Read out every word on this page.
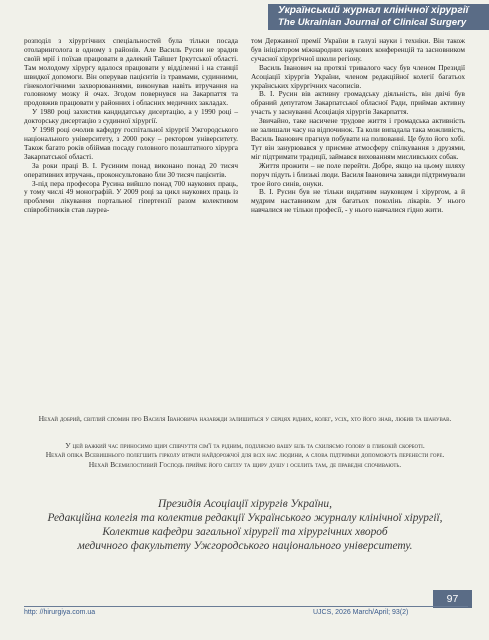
Український журнал клінічної хірургії
The Ukrainian Journal of Clinical Surgery

розподіл з хірургічних спеціальностей була тільки посада отоларинголога в одному з районів. Але Василь Русин не зрадив своїй мрії і поїхав працювати в далекий Тайшет Іркутської області. Там молодому хірургу вдалося працювати у відділенні і на станції швидкої допомоги. Він оперував пацієнтів із травмами, судинними, гінекологічними захворюваннями, виконував навіть втручання на головному мозку й очах. Згодом повернувся на Закарпаття та продовжив працювати у районних і обласних медичних закладах.

У 1980 році захистив кандидатську дисертацію, а у 1990 році – докторську дисертацію з судинної хірургії.

У 1998 році очолив кафедру госпітальної хірургії Ужгородського національного університету, з 2000 року – ректором університету. Також багато років обіймав посаду головного позаштатного хірурга Закарпатської області.

За роки праці В. І. Русиним понад виконано понад 20 тисяч оперативних втручань, проконсультовано бли 30 тисяч пацієнтів.

З-під пера професора Русина вийшло понад 700 наукових праць, у тому числі 49 монографій. У 2009 році за цикл наукових праць із проблеми лікування портальної гіпертензії разом колективом співробітників став лауреа-

том Державної премії України в галузі науки і техніки. Він також був ініціатором міжнародних наукових конференцій та засновником сучасної хірургічної школи регіону.

Василь Іванович на протязі тривалого часу був членом Президії Асоціації хірургів України, членом редакційної колегії багатьох українських хірургічних часописів.

В. І. Русин вів активну громадську діяльність, він двічі був обраний депутатом Закарпатської обласної Ради, приймав активну участь у заснуванні Асоціація хірургів Закарпаття.

Звичайно, таке насичене трудове життя і громадська активність не залишали часу на відпочинок. Та коли випадала така можливість, Василь Іванович прагнув побувати на полюванні. Це було його хобі. Тут він занурювався у приємне атмосферу спілкування з друзями, міг підтримати традиції, займався вихованням мисливських собак.

Життя прожити – не поле перейти. Добре, якщо на цьому шляху поруч підуть і близькі люди. Василя Івановича завжди підтримували трое його синів, онуки.

В. І. Русин був не тільки видатним науковцем і хірургом, а й мудрим наставником для багатьох поколінь лікарів. У нього навчалися не тільки професії, - у нього навчалися гідно жити.

Нехай добрий, світлий спомин про Василя Івановича назавжди залишиться у серцях рідних, колег, усіх, хто його знав, любив та шанував.

У цей важкий час приносимо щирі співчуття сім'ї та рідним, поділяємо вашу біль та схиляємо голову в глибокій скорботі.

Нехай опіка Всевишнього полегшить гірколу втрати найдорожчої для всіх нас людини, а слова підтримки допоможуть перенести горе.

Нехай Всемилостивий Господь прийме його світлу та щиру душу і оселить там, де праведні спочивають.

Президія Асоціації хірургів України,

Редакційна колегія та колектив редакції Українського журналу клінічної хірургії,

Колектив кафедри загальної хірургії та хірургічних хвороб

медичного факультету Ужгородського національного університету.

97
http: //hirurgiya.com.ua	UJCS, 2026 March/April; 93(2)
